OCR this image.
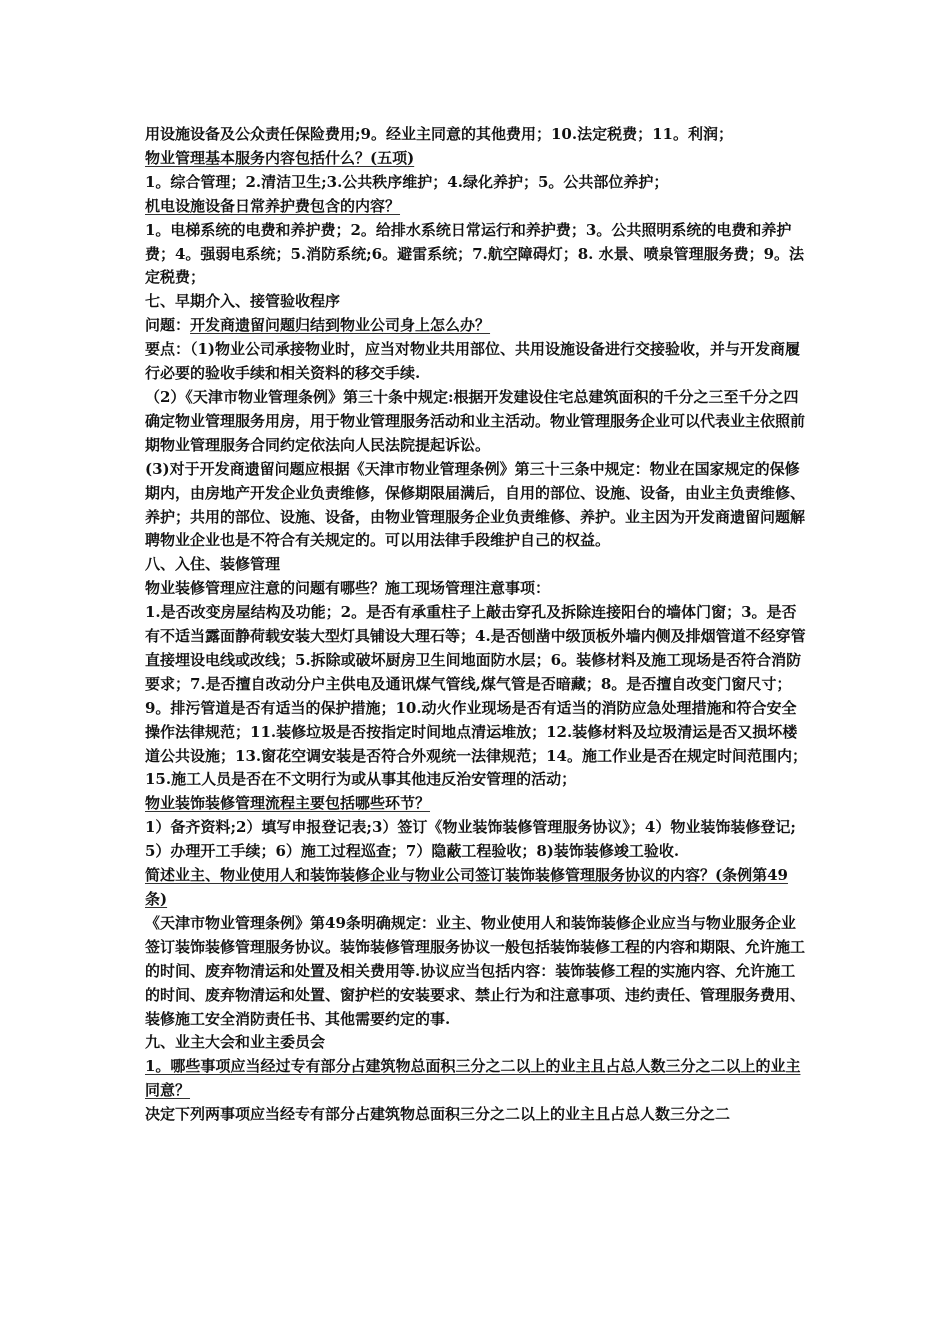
用设施设备及公众责任保险费用;9。经业主同意的其他费用；10.法定税费；11。利润；

物业管理基本服务内容包括什么？(五项)

1。综合管理；2.清洁卫生;3.公共秩序维护；4.绿化养护；5。公共部位养护；

机电设施设备日常养护费包含的内容？

1。电梯系统的电费和养护费；2。给排水系统日常运行和养护费；3。公共照明系统的电费和养护费；4。强弱电系统；5.消防系统;6。避雷系统；7.航空障碍灯；8. 水景、喷泉管理服务费；9。法定税费；

七、早期介入、接管验收程序

问题：开发商遗留问题归结到物业公司身上怎么办？

要点：（1)物业公司承接物业时，应当对物业共用部位、共用设施设备进行交接验收，并与开发商履行必要的验收手续和相关资料的移交手续.

（2）《天津市物业管理条例》第三十条中规定:根据开发建设住宅总建筑面积的千分之三至千分之四确定物业管理服务用房，用于物业管理服务活动和业主活动。物业管理服务企业可以代表业主依照前期物业管理服务合同约定依法向人民法院提起诉讼。

(3)对于开发商遗留问题应根据《天津市物业管理条例》第三十三条中规定：物业在国家规定的保修期内，由房地产开发企业负责维修，保修期限届满后，自用的部位、设施、设备，由业主负责维修、养护；共用的部位、设施、设备，由物业管理服务企业负责维修、养护。业主因为开发商遗留问题解聘物业企业也是不符合有关规定的。可以用法律手段维护自己的权益。

八、入住、装修管理

物业装修管理应注意的问题有哪些？施工现场管理注意事项：

1.是否改变房屋结构及功能；2。是否有承重柱子上敲击穿孔及拆除连接阳台的墙体门窗；3。是否有不适当露面静荷载安装大型灯具铺设大理石等；4.是否刨凿中级顶板外墙内侧及排烟管道不经穿管直接埋设电线或改线；5.拆除或破坏厨房卫生间地面防水层；6。装修材料及施工现场是否符合消防要求；7.是否擅自改动分户主供电及通讯煤气管线,煤气管是否暗藏；8。是否擅自改变门窗尺寸；9。排污管道是否有适当的保护措施；10.动火作业现场是否有适当的消防应急处理措施和符合安全操作法律规范；11.装修垃圾是否按指定时间地点清运堆放；12.装修材料及垃圾清运是否又损坏楼道公共设施；13.窗花空调安装是否符合外观统一法律规范；14。施工作业是否在规定时间范围内；15.施工人员是否在不文明行为或从事其他违反治安管理的活动；

物业装饰装修管理流程主要包括哪些环节？

1）备齐资料;2）填写申报登记表;3）签订《物业装饰装修管理服务协议》；4）物业装饰装修登记;5）办理开工手续；6）施工过程巡查；7）隐蔽工程验收；8)装饰装修竣工验收.

简述业主、物业使用人和装饰装修企业与物业公司签订装饰装修管理服务协议的内容？(条例第49条)

《天津市物业管理条例》第49条明确规定：业主、物业使用人和装饰装修企业应当与物业服务企业签订装饰装修管理服务协议。装饰装修管理服务协议一般包括装饰装修工程的内容和期限、允许施工的时间、废弃物清运和处置及相关费用等.协议应当包括内容：装饰装修工程的实施内容、允许施工的时间、废弃物清运和处置、窗护栏的安装要求、禁止行为和注意事项、违约责任、管理服务费用、装修施工安全消防责任书、其他需要约定的事.

九、业主大会和业主委员会

1。哪些事项应当经过专有部分占建筑物总面积三分之二以上的业主且占总人数三分之二以上的业主同意？

决定下列两事项应当经专有部分占建筑物总面积三分之二以上的业主且占总人数三分之二
